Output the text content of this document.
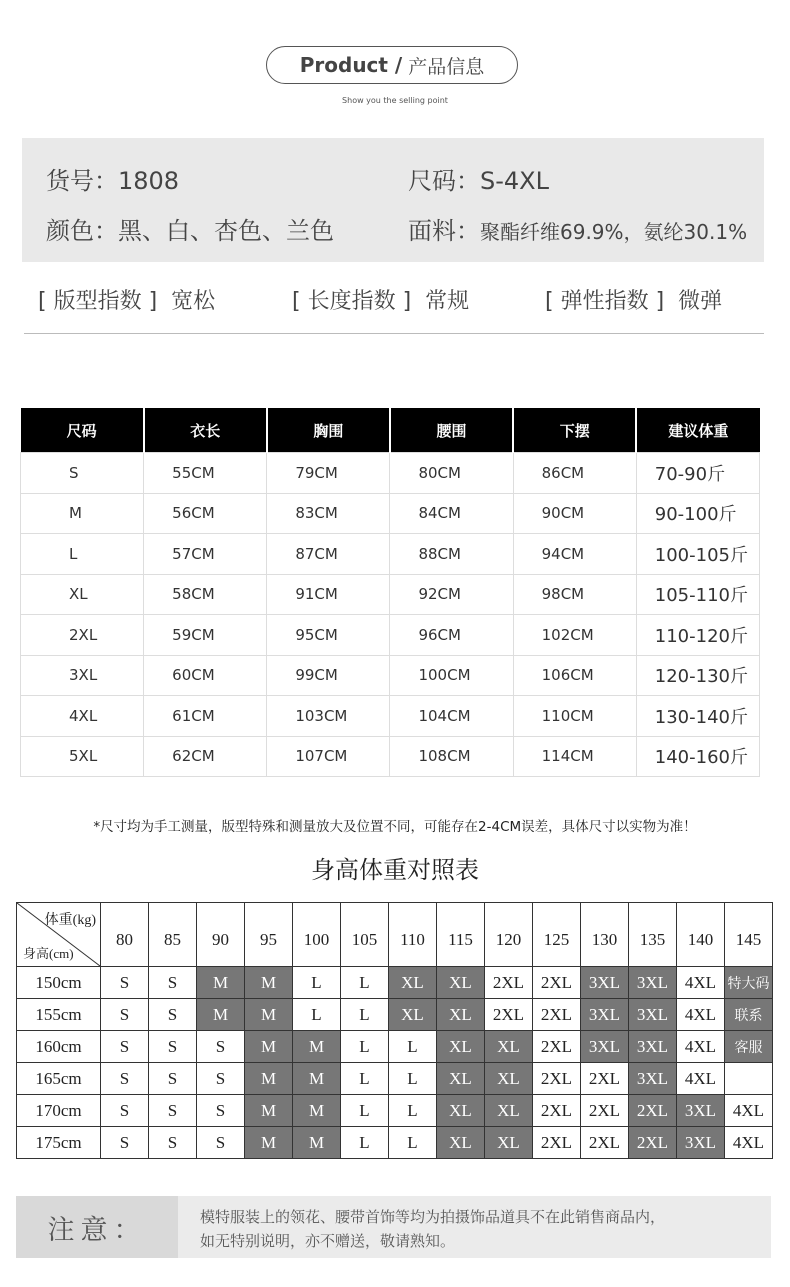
Product / 产品信息
Show you the selling point
货号：1808	尺码：S-4XL
颜色：黑、白、杏色、兰色	面料：聚酯纤维69.9%，氨纶30.1%
[ 版型指数 ] 宽松	[ 长度指数 ] 常规	[ 弹性指数 ] 微弹
尺码	衣长	胸围	腰围	下摆	建议体重
S	55CM	79CM	80CM	86CM	70-90斤
M	56CM	83CM	84CM	90CM	90-100斤
L	57CM	87CM	88CM	94CM	100-105斤
XL	58CM	91CM	92CM	98CM	105-110斤
2XL	59CM	95CM	96CM	102CM	110-120斤
3XL	60CM	99CM	100CM	106CM	120-130斤
4XL	61CM	103CM	104CM	110CM	130-140斤
5XL	62CM	107CM	108CM	114CM	140-160斤
*尺寸均为手工测量，版型特殊和测量放大及位置不同，可能存在2-4CM误差，具体尺寸以实物为准！
身高体重对照表
体重(kg)
身高(cm)	80	85	90	95	100	105	110	115	120	125	130	135	140	145
150cm	S	S	M	M	L	L	XL	XL	2XL	2XL	3XL	3XL	4XL	特大码
155cm	S	S	M	M	L	L	XL	XL	2XL	2XL	3XL	3XL	4XL	联系
160cm	S	S	S	M	M	L	L	XL	XL	2XL	3XL	3XL	4XL	客服
165cm	S	S	S	M	M	L	L	XL	XL	2XL	2XL	3XL	4XL	
170cm	S	S	S	M	M	L	L	XL	XL	2XL	2XL	2XL	3XL	4XL
175cm	S	S	S	M	M	L	L	XL	XL	2XL	2XL	2XL	3XL	4XL
注意：	模特服装上的领花、腰带首饰等均为拍摄饰品道具不在此销售商品内，
如无特别说明，亦不赠送，敬请熟知。
